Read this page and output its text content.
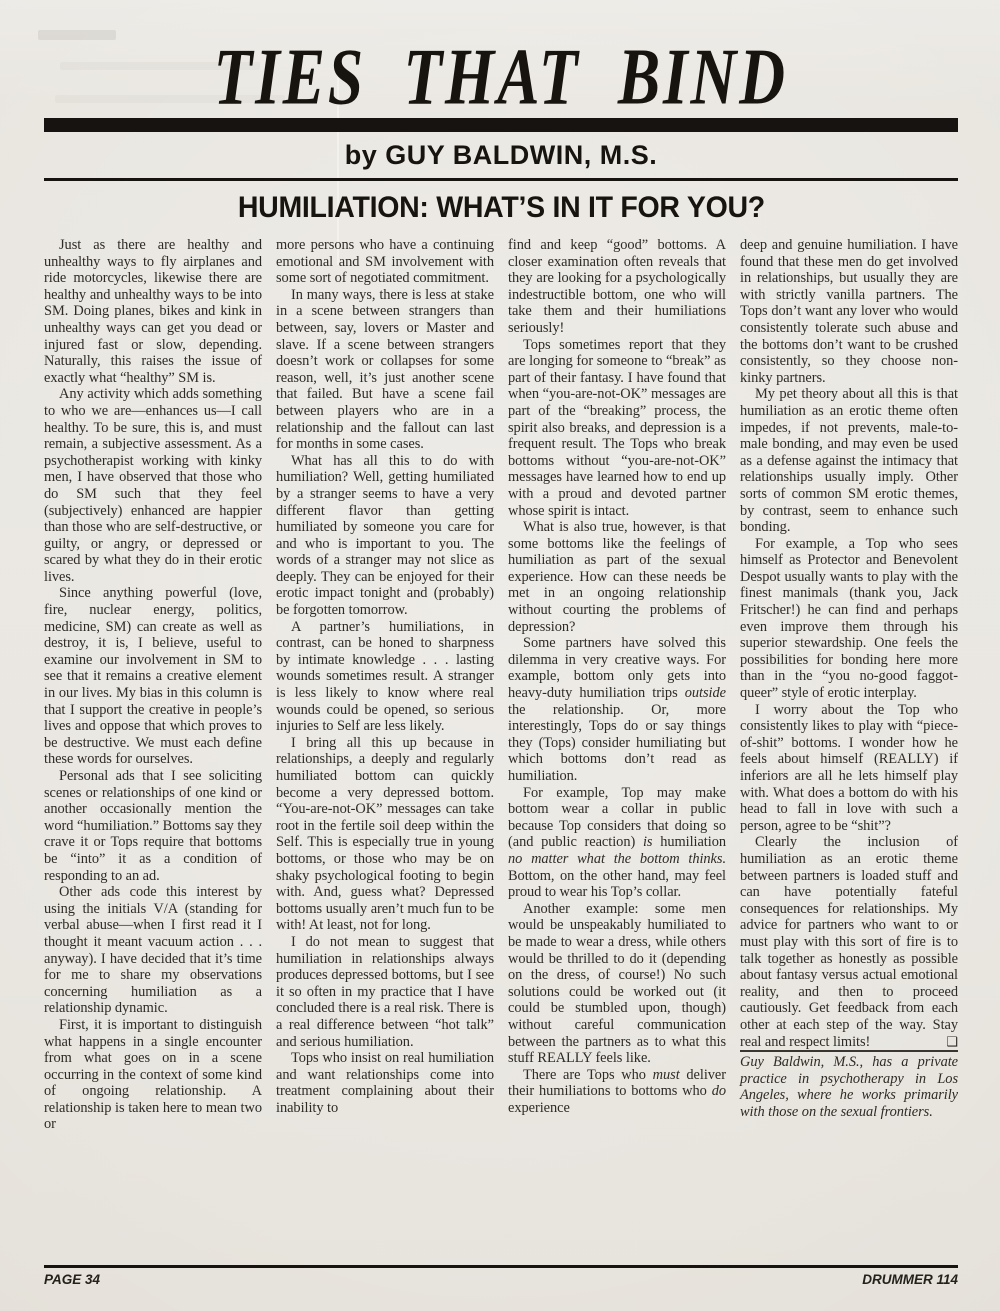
TIES THAT BIND
by GUY BALDWIN, M.S.
HUMILIATION: WHAT’S IN IT FOR YOU?

Just as there are healthy and unhealthy ways to fly airplanes and ride motorcycles, likewise there are healthy and unhealthy ways to be into SM. Doing planes, bikes and kink in unhealthy ways can get you dead or injured fast or slow, depending. Naturally, this raises the issue of exactly what “healthy” SM is.

Any activity which adds something to who we are—enhances us—I call healthy. To be sure, this is, and must remain, a subjective assessment. As a psychotherapist working with kinky men, I have observed that those who do SM such that they feel (subjectively) enhanced are happier than those who are self-destructive, or guilty, or angry, or depressed or scared by what they do in their erotic lives.

Since anything powerful (love, fire, nuclear energy, politics, medicine, SM) can create as well as destroy, it is, I believe, useful to examine our involvement in SM to see that it remains a creative element in our lives. My bias in this column is that I support the creative in people’s lives and oppose that which proves to be destructive. We must each define these words for ourselves.

Personal ads that I see soliciting scenes or relationships of one kind or another occasionally mention the word “humiliation.” Bottoms say they crave it or Tops require that bottoms be “into” it as a condition of responding to an ad.

Other ads code this interest by using the initials V/A (standing for verbal abuse—when I first read it I thought it meant vacuum action . . . anyway). I have decided that it’s time for me to share my observations concerning humiliation as a relationship dynamic.

First, it is important to distinguish what happens in a single encounter from what goes on in a scene occurring in the context of some kind of ongoing relationship. A relationship is taken here to mean two or

more persons who have a continuing emotional and SM involvement with some sort of negotiated commitment.

In many ways, there is less at stake in a scene between strangers than between, say, lovers or Master and slave. If a scene between strangers doesn’t work or collapses for some reason, well, it’s just another scene that failed. But have a scene fail between players who are in a relationship and the fallout can last for months in some cases.

What has all this to do with humiliation? Well, getting humiliated by a stranger seems to have a very different flavor than getting humiliated by someone you care for and who is important to you. The words of a stranger may not slice as deeply. They can be enjoyed for their erotic impact tonight and (probably) be forgotten tomorrow.

A partner’s humiliations, in contrast, can be honed to sharpness by intimate knowledge . . . lasting wounds sometimes result. A stranger is less likely to know where real wounds could be opened, so serious injuries to Self are less likely.

I bring all this up because in relationships, a deeply and regularly humiliated bottom can quickly become a very depressed bottom. “You-are-not-OK” messages can take root in the fertile soil deep within the Self. This is especially true in young bottoms, or those who may be on shaky psychological footing to begin with. And, guess what? Depressed bottoms usually aren’t much fun to be with! At least, not for long.

I do not mean to suggest that humiliation in relationships always produces depressed bottoms, but I see it so often in my practice that I have concluded there is a real risk. There is a real difference between “hot talk” and serious humiliation.

Tops who insist on real humiliation and want relationships come into treatment complaining about their inability to

find and keep “good” bottoms. A closer examination often reveals that they are looking for a psychologically indestructible bottom, one who will take them and their humiliations seriously!

Tops sometimes report that they are longing for someone to “break” as part of their fantasy. I have found that when “you-are-not-OK” messages are part of the “breaking” process, the spirit also breaks, and depression is a frequent result. The Tops who break bottoms without “you-are-not-OK” messages have learned how to end up with a proud and devoted partner whose spirit is intact.

What is also true, however, is that some bottoms like the feelings of humiliation as part of the sexual experience. How can these needs be met in an ongoing relationship without courting the problems of depression?

Some partners have solved this dilemma in very creative ways. For example, bottom only gets into heavy-duty humiliation trips outside the relationship. Or, more interestingly, Tops do or say things they (Tops) consider humiliating but which bottoms don’t read as humiliation.

For example, Top may make bottom wear a collar in public because Top considers that doing so (and public reaction) is humiliation no matter what the bottom thinks. Bottom, on the other hand, may feel proud to wear his Top’s collar.

Another example: some men would be unspeakably humiliated to be made to wear a dress, while others would be thrilled to do it (depending on the dress, of course!) No such solutions could be worked out (it could be stumbled upon, though) without careful communication between the partners as to what this stuff REALLY feels like.

There are Tops who must deliver their humiliations to bottoms who do experience

deep and genuine humiliation. I have found that these men do get involved in relationships, but usually they are with strictly vanilla partners. The Tops don’t want any lover who would consistently tolerate such abuse and the bottoms don’t want to be crushed consistently, so they choose non-kinky partners.

My pet theory about all this is that humiliation as an erotic theme often impedes, if not prevents, male-to-male bonding, and may even be used as a defense against the intimacy that relationships usually imply. Other sorts of common SM erotic themes, by contrast, seem to enhance such bonding.

For example, a Top who sees himself as Protector and Benevolent Despot usually wants to play with the finest manimals (thank you, Jack Fritscher!) he can find and perhaps even improve them through his superior stewardship. One feels the possibilities for bonding here more than in the “you no-good faggot-queer” style of erotic interplay.

I worry about the Top who consistently likes to play with “piece-of-shit” bottoms. I wonder how he feels about himself (REALLY) if inferiors are all he lets himself play with. What does a bottom do with his head to fall in love with such a person, agree to be “shit”?

Clearly the inclusion of humiliation as an erotic theme between partners is loaded stuff and can have potentially fateful consequences for relationships. My advice for partners who want to or must play with this sort of fire is to talk together as honestly as possible about fantasy versus actual emotional reality, and then to proceed cautiously. Get feedback from each other at each step of the way. Stay real and respect limits!	❑

Guy Baldwin, M.S., has a private practice in psychotherapy in Los Angeles, where he works primarily with those on the sexual frontiers.

PAGE 34	DRUMMER 114
